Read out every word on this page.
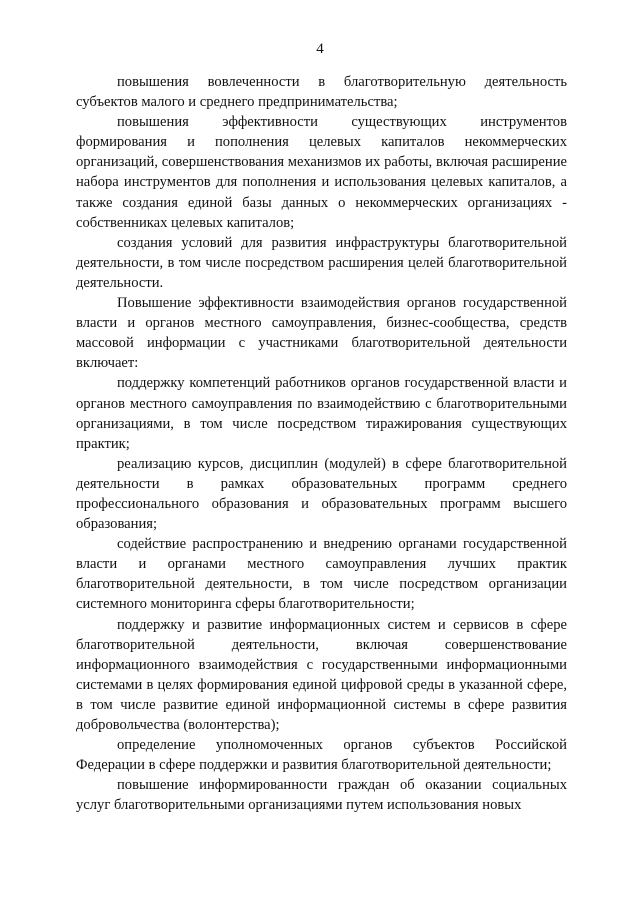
4

повышения вовлеченности в благотворительную деятельность субъектов малого и среднего предпринимательства;

повышения эффективности существующих инструментов формирования и пополнения целевых капиталов некоммерческих организаций, совершенствования механизмов их работы, включая расширение набора инструментов для пополнения и использования целевых капиталов, а также создания единой базы данных о некоммерческих организациях - собственниках целевых капиталов;

создания условий для развития инфраструктуры благотворительной деятельности, в том числе посредством расширения целей благотворительной деятельности.

Повышение эффективности взаимодействия органов государственной власти и органов местного самоуправления, бизнес-сообщества, средств массовой информации с участниками благотворительной деятельности включает:

поддержку компетенций работников органов государственной власти и органов местного самоуправления по взаимодействию с благотворительными организациями, в том числе посредством тиражирования существующих практик;

реализацию курсов, дисциплин (модулей) в сфере благотворительной деятельности в рамках образовательных программ среднего профессионального образования и образовательных программ высшего образования;

содействие распространению и внедрению органами государственной власти и органами местного самоуправления лучших практик благотворительной деятельности, в том числе посредством организации системного мониторинга сферы благотворительности;

поддержку и развитие информационных систем и сервисов в сфере благотворительной деятельности, включая совершенствование информационного взаимодействия с государственными информационными системами в целях формирования единой цифровой среды в указанной сфере, в том числе развитие единой информационной системы в сфере развития добровольчества (волонтерства);

определение уполномоченных органов субъектов Российской Федерации в сфере поддержки и развития благотворительной деятельности;

повышение информированности граждан об оказании социальных услуг благотворительными организациями путем использования новых
